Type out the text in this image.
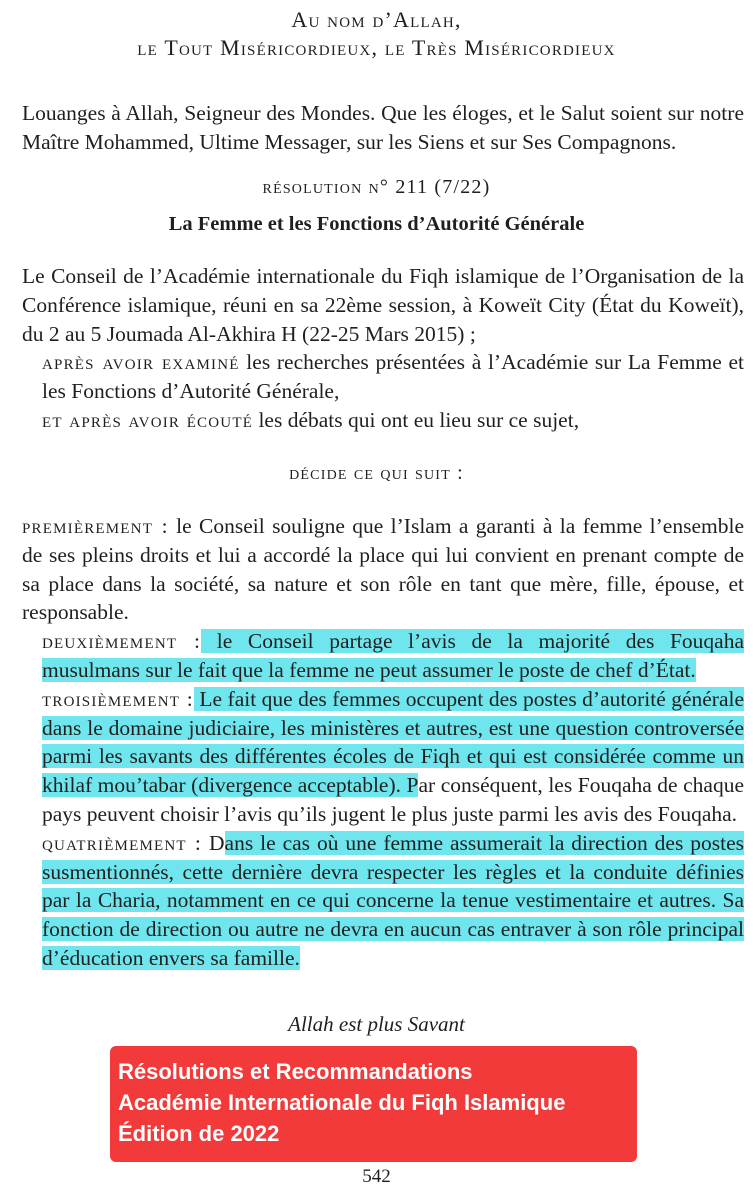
Au nom d’Allah,
le Tout Miséricordieux, le Très Miséricordieux
Louanges à Allah, Seigneur des Mondes. Que les éloges, et le Salut soient sur notre Maître Mohammed, Ultime Messager, sur les Siens et sur Ses Compagnons.
résolution n° 211 (7/22)
La Femme et les Fonctions d’Autorité Générale
Le Conseil de l’Académie internationale du Fiqh islamique de l’Organisation de la Conférence islamique, réuni en sa 22ème session, à Koweït City (État du Koweït), du 2 au 5 Joumada Al-Akhira H (22-25 Mars 2015) ;
après avoir examiné les recherches présentées à l’Académie sur La Femme et les Fonctions d’Autorité Générale,
et après avoir écouté les débats qui ont eu lieu sur ce sujet,
décide ce qui suit :
premièrement : le Conseil souligne que l’Islam a garanti à la femme l’ensemble de ses pleins droits et lui a accordé la place qui lui convient en prenant compte de sa place dans la société, sa nature et son rôle en tant que mère, fille, épouse, et responsable.
deuxièmement : le Conseil partage l’avis de la majorité des Fouqaha musulmans sur le fait que la femme ne peut assumer le poste de chef d’État.
troisièmement : Le fait que des femmes occupent des postes d’autorité générale dans le domaine judiciaire, les ministères et autres, est une question controversée parmi les savants des différentes écoles de Fiqh et qui est considérée comme un khilaf mou’tabar (divergence acceptable). Par conséquent, les Fouqaha de chaque pays peuvent choisir l’avis qu’ils jugent le plus juste parmi les avis des Fouqaha.
quatrièmement : Dans le cas où une femme assumerait la direction des postes susmentionnés, cette dernière devra respecter les règles et la conduite définies par la Charia, notamment en ce qui concerne la tenue vestimentaire et autres. Sa fonction de direction ou autre ne devra en aucun cas entraver à son rôle principal d’éducation envers sa famille.
Allah est plus Savant
Résolutions et Recommandations
Académie Internationale du Fiqh Islamique
Édition de 2022
542
